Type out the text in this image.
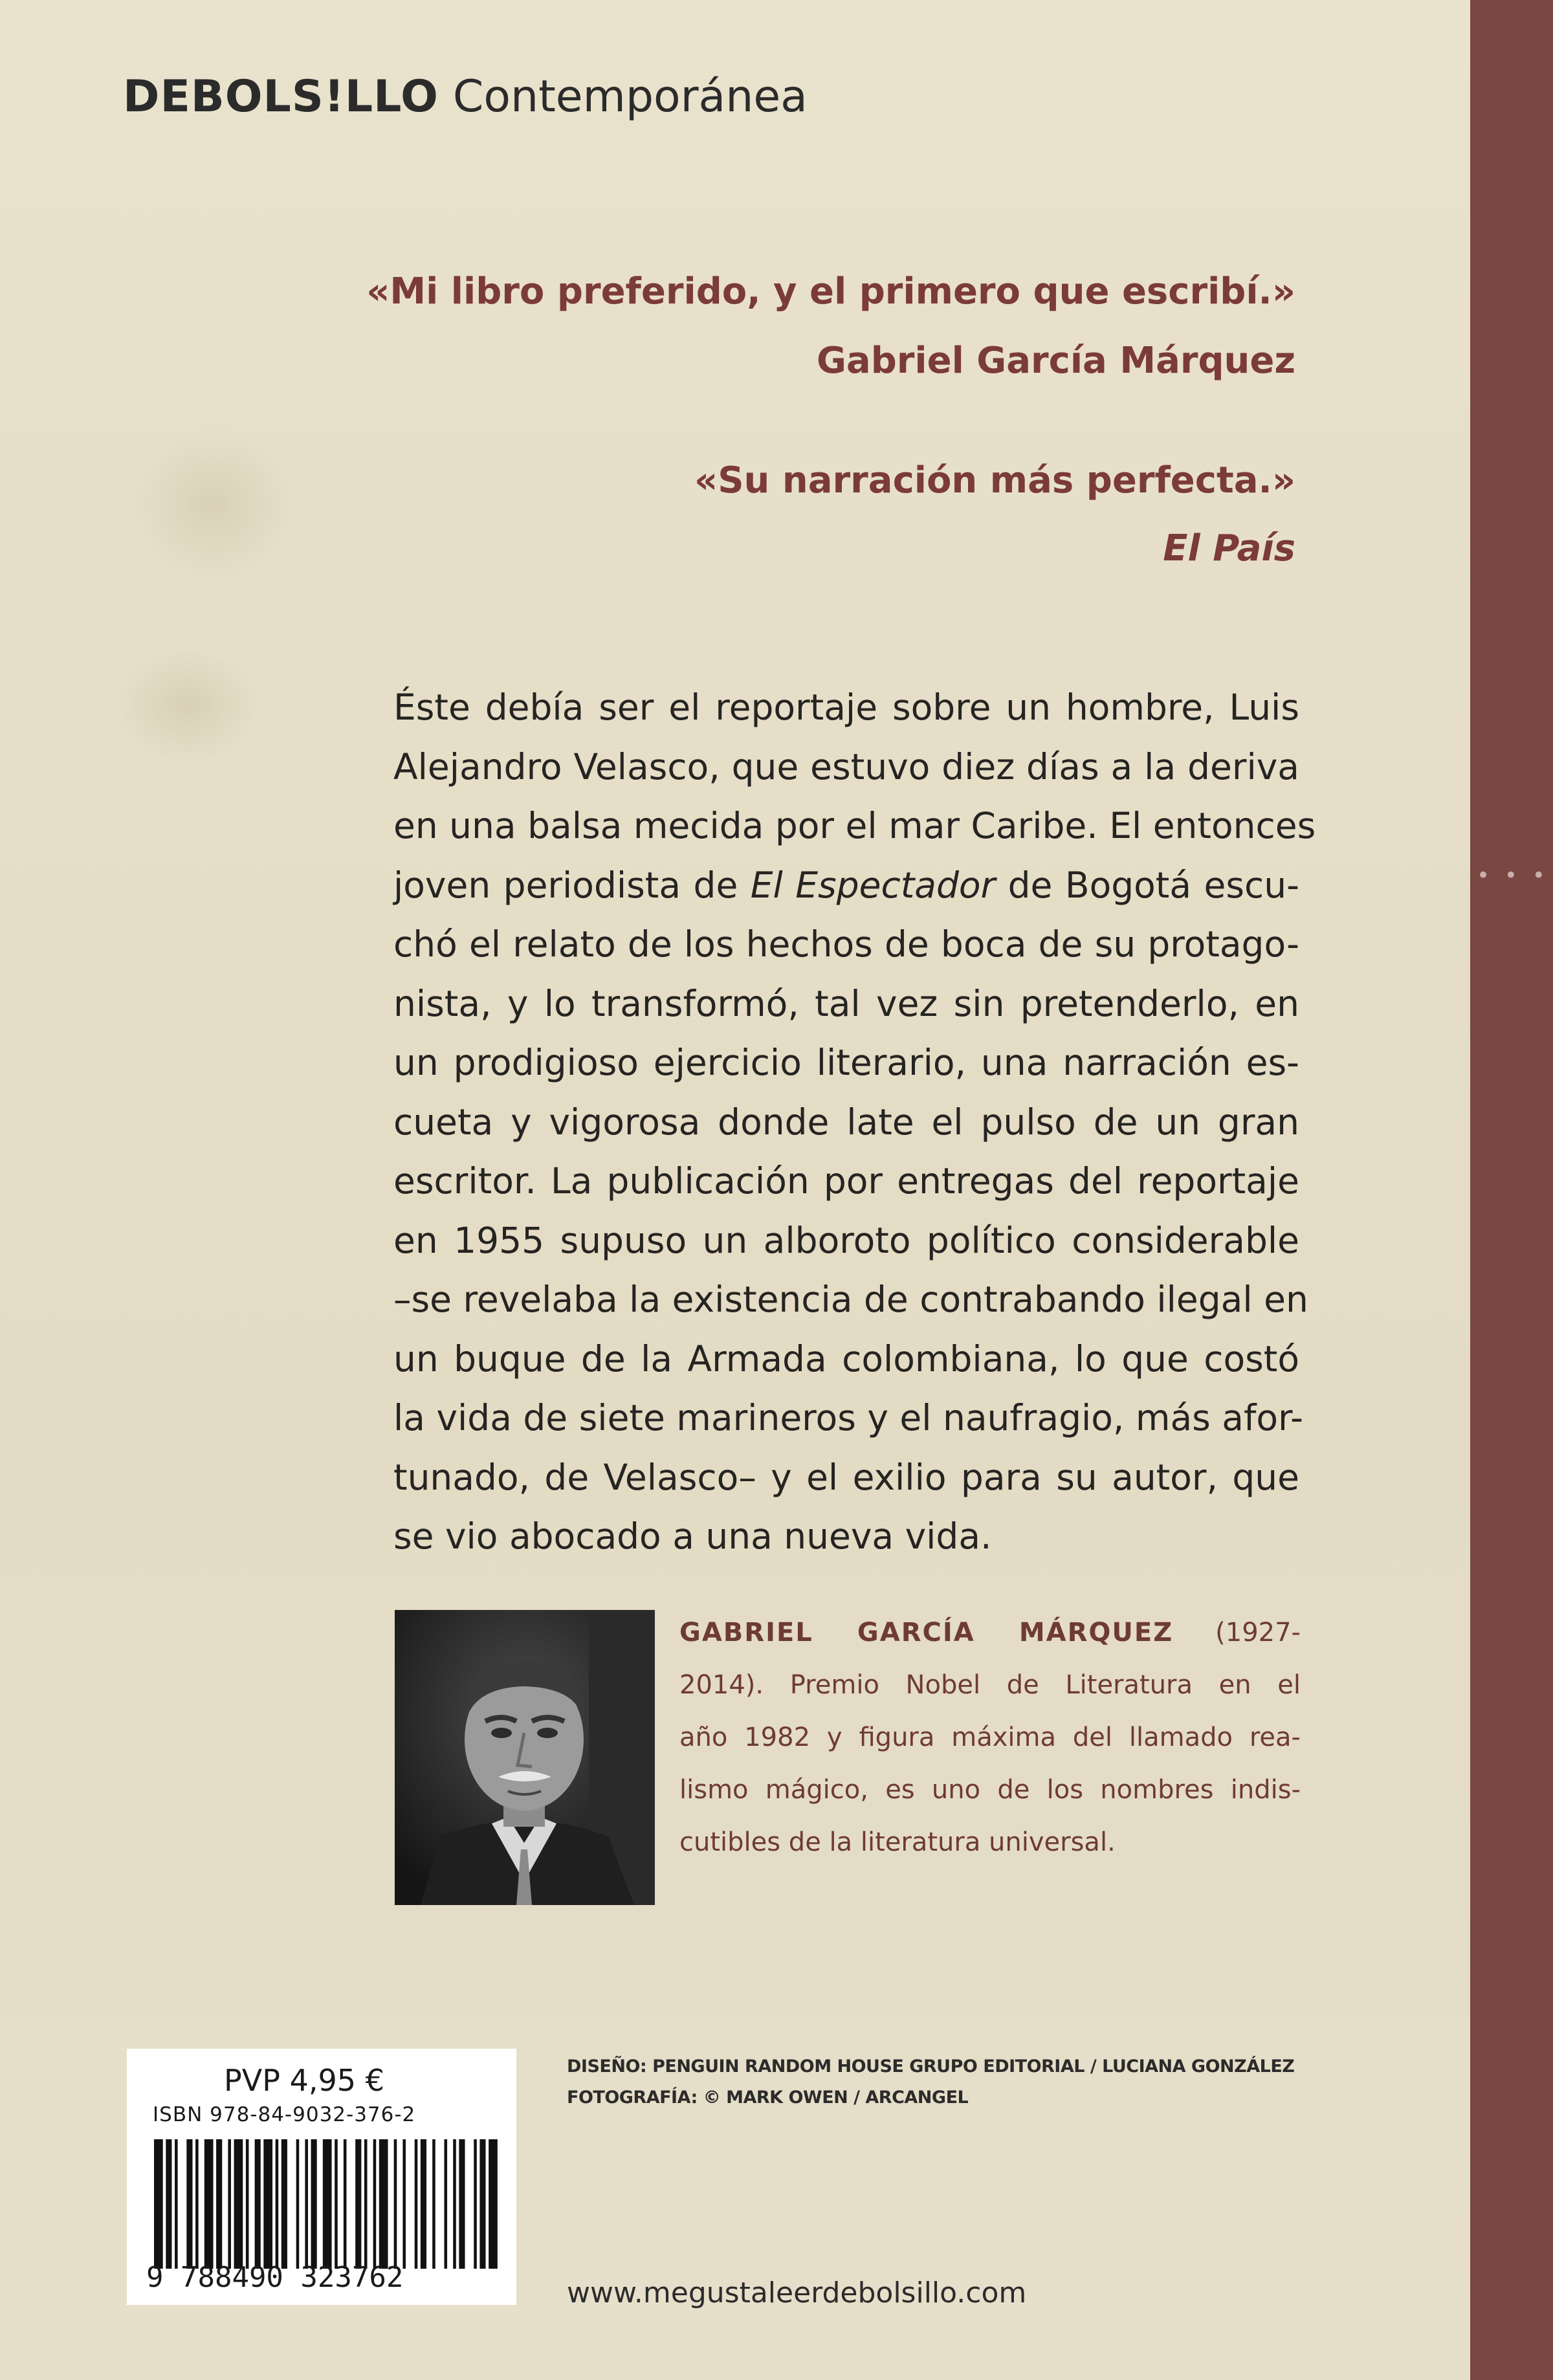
• • •
DEBOLS!LLO Contemporánea
«Mi libro preferido, y el primero que escribí.»
Gabriel García Márquez
«Su narración más perfecta.»
El País
Éste debía ser el reportaje sobre un hombre, Luis
Alejandro Velasco, que estuvo diez días a la deriva
en una balsa mecida por el mar Caribe. El entonces
joven periodista de El Espectador de Bogotá escu-
chó el relato de los hechos de boca de su protago-
nista, y lo transformó, tal vez sin pretenderlo, en
un prodigioso ejercicio literario, una narración es-
cueta y vigorosa donde late el pulso de un gran
escritor. La publicación por entregas del reportaje
en 1955 supuso un alboroto político considerable
–se revelaba la existencia de contrabando ilegal en
un buque de la Armada colombiana, lo que costó
la vida de siete marineros y el naufragio, más afor-
tunado, de Velasco– y el exilio para su autor, que
se vio abocado a una nueva vida.
GABRIEL GARCÍA MÁRQUEZ (1927-
2014). Premio Nobel de Literatura en el
año 1982 y figura máxima del llamado rea-
lismo mágico, es uno de los nombres indis-
cutibles de la literatura universal.
PVP 4,95 €
ISBN 978-84-9032-376-2
9 788490 323762
DISEÑO: PENGUIN RANDOM HOUSE GRUPO EDITORIAL / LUCIANA GONZÁLEZ
FOTOGRAFÍA: © MARK OWEN / ARCANGEL
www.megustaleerdebolsillo.com
